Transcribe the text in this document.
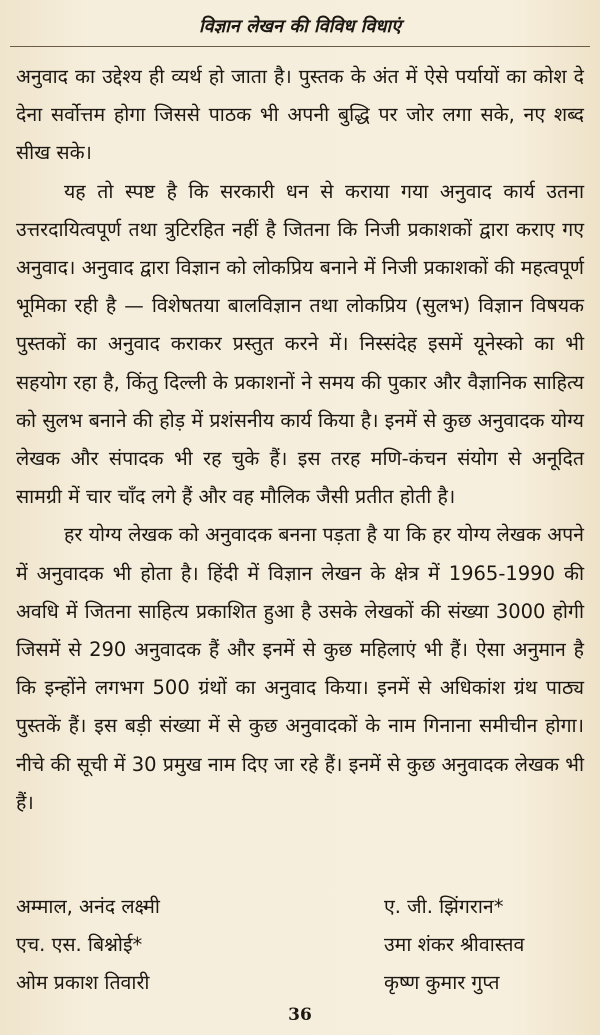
विज्ञान लेखन की विविध विधाएं

अनुवाद का उद्देश्य ही व्यर्थ हो जाता है। पुस्तक के अंत में ऐसे पर्यायों का कोश दे देना सर्वोत्तम होगा जिससे पाठक भी अपनी बुद्धि पर जोर लगा सके, नए शब्द सीख सके।

यह तो स्पष्ट है कि सरकारी धन से कराया गया अनुवाद कार्य उतना उत्तरदायित्वपूर्ण तथा त्रुटिरहित नहीं है जितना कि निजी प्रकाशकों द्वारा कराए गए अनुवाद। अनुवाद द्वारा विज्ञान को लोकप्रिय बनाने में निजी प्रकाशकों की महत्वपूर्ण भूमिका रही है — विशेषतया बालविज्ञान तथा लोकप्रिय (सुलभ) विज्ञान विषयक पुस्तकों का अनुवाद कराकर प्रस्तुत करने में। निस्संदेह इसमें यूनेस्को का भी सहयोग रहा है, किंतु दिल्ली के प्रकाशनों ने समय की पुकार और वैज्ञानिक साहित्य को सुलभ बनाने की होड़ में प्रशंसनीय कार्य किया है। इनमें से कुछ अनुवादक योग्य लेखक और संपादक भी रह चुके हैं। इस तरह मणि-कंचन संयोग से अनूदित सामग्री में चार चाँद लगे हैं और वह मौलिक जैसी प्रतीत होती है।

हर योग्य लेखक को अनुवादक बनना पड़ता है या कि हर योग्य लेखक अपने में अनुवादक भी होता है। हिंदी में विज्ञान लेखन के क्षेत्र में 1965-1990 की अवधि में जितना साहित्य प्रकाशित हुआ है उसके लेखकों की संख्या 3000 होगी जिसमें से 290 अनुवादक हैं और इनमें से कुछ महिलाएं भी हैं। ऐसा अनुमान है कि इन्होंने लगभग 500 ग्रंथों का अनुवाद किया। इनमें से अधिकांश ग्रंथ पाठ्य पुस्तकें हैं। इस बड़ी संख्या में से कुछ अनुवादकों के नाम गिनाना समीचीन होगा। नीचे की सूची में 30 प्रमुख नाम दिए जा रहे हैं। इनमें से कुछ अनुवादक लेखक भी हैं।

अम्माल, अनंद लक्ष्मी	ए. जी. झिंगरान*
एच. एस. बिश्नोई*	उमा शंकर श्रीवास्तव
ओम प्रकाश तिवारी	कृष्ण कुमार गुप्त
36
